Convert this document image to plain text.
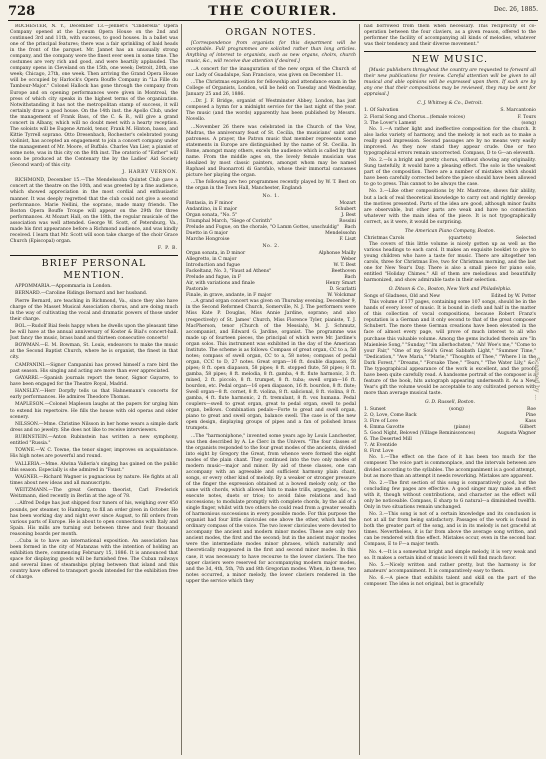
728	THE COURIER.	Dec. 26, 1885.

ROCHESTER, N. Y., December 13.—Jennet's "Cinderella" Opera Company opened at the Lyceum Opera House on the 2nd and continued 3rd and 11th, with success, to good houses. In a ballet was one of the principal features; there was a fair sprinkling of bald heads in the front of the parquet. Mr. Jannet has an unusually strong company, and the company were the finest ever seen in some time. The costumes are very rich and good, and were heartily applauded. The company opens in Cleveland on the 15th, one week; Detroit, 20th, one week; Chicago, 27th, one week. Then arriving the Grand Opera House will be occupied by Harlock's Opera Bouffe Company in "La Fille du Tambour-Major." Colonel Hallock has gone through the company from Europe and on opening performances were given in Montreal, the press of which city speaks in the highest terms of the organization. Notwithstanding it has not the metropolitan stamp of success, it will certainly draw a good house. On the 14th inst. the Apollo Club, under the management of Frank Bass, of the C. & B., will give a grand concert in Albany, which will no doubt meet with a hearty reception. The soloists will be Eugene Arnold, tenor, Frank M. Hinton, basso, and Kittie Tyrrell soprano. Otto Dresenbach, Rochester's celebrated young violinist, has accepted an engagement to join a concert company under the management of Mr. Moore, of Buffalo. Charles Van Lier, a pianist of some note, was in this city on the 8th inst. The oratorio of "Esther" will soon be produced at the Centenary the by the Ladies' Aid Society (Second ward) of this city.

J. HARRY VERNON.

RICHMOND, December 15.—The Mendelssohn Quintet Club gave a concert at the theatre on the 10th, and was greeted by a fine audience, which showed appreciation in the most cordial and enthusiastic manner. It was deeply regretted that the club could not give a second performance. Marie Nellini, the soprano, made many friends. The Boston Opera Bouffe Troupe will appear on the 29th for three performances. At Mozart Hall, on the 18th, the regular musicale of the association was well attended. George W. Scott, of Petersburg, Va., made his first appearance before a Richmond audience, and was kindly received. I learn that Mr. Scott will soon take charge of the choir Grace Church (Episcopal) organ.

F. P. B.

BRIEF PERSONAL MENTION.

APPOMMARIA.—Appommaria in London.

BERNARD.—Caroline Ridings Bernard and her husband.

Pierre Bernard, are teaching in Richmond, Va., since they also have charge of the Masset Musical Association chorus, and are doing much in the way of cultivating the vocal and dramatic powers of those under their charge.

BOL.—Rudolf Bial feels happy when he dwells upon the pleasant time he will have at the annual anniversary of Koster & Bial's concert-hall. Just fancy the music, brass band and thirteen consecutive concerts!

BOWMAN.—E. M. Bowman, St. Louis, endeavors to make the music at the Second Baptist Church, where he is organist, the finest in that city.

CAMPANINI.—Signor Campanini has proved himself a rare bird the past season. His singing and acting are more than ever appreciated.

GAYARRE.—Spanish journals report the tenor, Signor Gayarre, to have been engaged for the Theatre Royal, Madrid.

HANSLEY.—Herr Dorpfly tells us that Hahnemann's concerts for early performances. He admires Theodore Thomas.

MAPLESON.—Colonel Mapleson laughs at the papers for urging him to extend his repertoire. He fills the house with old operas and older scenery.

NILSSON.—Mme. Christine Nilsson in her home wears a simple dark dress and no jewelry. She does not like to receive interviewers.

RUBINSTEIN.—Anton Rubinstein has written a new symphony, entitled "Russia."

TOWNE.—W. C. Towne, the tenor singer, improves on acquaintance. His high notes are powerful and round.

VALLERIA.—Mme. Alwina Valleria's singing has gained on the public this season. Especially is she admired in "Faust."

WAGNER.—Richard Wagner is pugnacious by nature. He fights at all times about new ideas and all manuscripts.

WEITZMANN.—The great German theorist, Carl Frederick Weitzmann, died recently in Berlin at the age of 78.

...Alfred Dodge has just shipped four tuners of his, weighing over 450 pounds, per steamer, to Hamburg, to fill an order given in October. He has been working day and night ever since August, to fill orders from various parts of Europe. He is about to open connections with Italy and Spain. His mills are turning out between three and four thousand reasoning boards per month.

...Cuba is to have an international exposition. An association has been formed in the city of Matanzas with the intention of holding an exhibition there, commencing February 15, 1886. It is announced that space for displaying goods will be furnished free. The Cuban railways and several lines of steamships plying between that island and this country have offered to transport goods intended for the exhibition free of charge.

ORGAN NOTES.

[Correspondence from organists for this department will be acceptable. Full programmes are solicited rather than long articles. Anything of interest to organists, such as new organs, choirs, church music, &c., will receive due attention if desired.]

...A concert for the inauguration of the new organ of the Church of our Lady of Guadalupe, San Francisco, was given on December 11.

...The Christmas exposition for fellowship and attendance exam in the College of Organists, London, will be held on Tuesday and Wednesday, January 25 and 26, 1886.

...Dr. J. F. Bridge, organist of Westminster Abbey, London, has just composed a hymn for a midnight service for the last night of the year. The music (and the words) apparently has been published by Messrs. Novello.

...November 26 there was celebrated in the Church of the Vow, Madras, the anniversary feast of St. Cecilia, the musicians' saint and patroness. A prayer, the Patron music that member represents some statements in Europe are distinguished by the name of St. Cecilia. In Rome, amongst many others, excels the audience which is called by that name. From the middle ages on, the lovely female musician was idealized by most classic painters, amongst whom may be named Raphael and Buonarroti di Garofalo, whose their immortal canvasses picture her playing the organ.

...The following are two programmes recently played by W. T. Best on the organ in the Town Hall, Manchester, England:

No. 1.
Fantasia, in F minor	Mozart
Andantino, in E major	Schubert
Organ sonata, "No. 5"	J. Best
Triumphal March, "Siege of Corinth"	Rossini
Prelude and Fugue, on the chorale, "O Lamm Gottes, unschuldig" Bach
Duetto in G major	Mendelssohn
Marche Hongroise	F. Liszt
No. 2.
Organ sonata, in D minor	Alphonse Mailly
Allegretto, in C major	Weber
Introduction and fugue	W. T. Best
Fackeltanz, No. 3, "Faust ad Athens"	Beethoven
Prelude and fugue, in F	Bach
Air, with variations and finale	Henry Smart
Pastorale	D. Scarlatti
Finale, in grave, andante, in F major	W. Volckmar

...A grand organ concert was given on Thursday evening, December 9, in the Second Reformed Church, Somerville, N. J. The performers were Miss Kate P. Douglas, Miss Annie Jardine, soprano; and also (respectively) of St. James' Church, Miss Florence Tyler, pianiste, T. J. MacPherson, tenor (Church of the Messiah), M. J. Schmutz, accompanist, and Edward G. Jardine, organist. The programme was made up of fourteen pieces, the principal of which were Mr. Jardine's organ solos. This instrument was exhibited in the day of the American Institute. The scheme is as follows: Compass of great organ, CC to a, 58 notes; compass of swell organ, CC to a, 58 notes; compass of pedal organ, CCC to D, 27 notes. Great organ—16 ft. double diapason, 58 pipes; 8 ft. open diapason, 58 pipes; 8 ft. stopped flute, 58 pipes; 8 ft. gamba, 58 pipes; 8 ft. melodia, 8 ft. gamba, 4 ft. flute harmonic, 3 ft. mixed, 2 ft. piccolo, 8 ft. trumpet, 8 ft. tuba; swell organ—16 ft. bourdon, etc. Pedal organ—16 open diapason, 16 ft. bourdon, 8 ft. flute; Swell organ—8 ft. cornet, 8 ft. violina, 8 ft. salicional, 8 ft. violina, 8 ft. gamba, 4 ft. flute harmonic, 2 ft. tremulant, 8 ft. vox humana. Pedal couplers—swell to great organ, great to pedal organ, swell to pedal organ, bellows. Combination pedals—Forte to great and swell organ, piano to great and swell organ, balance swell. The case is of the new open design, displaying groups of pipes and a fan of polished brass trumpets.

...The "harmoniphone," invented some years ago by Louis Lanchester, was then described by A. Le Clerc in the Univers. "The four classes of the organists responded to the four great modes of the ancients, divided into eight by Gregory the Great, from whence were formed the eight modes of the plain chant. They continued into the two only modes of modern music—major and minor. By aid of these classes, one can accompany with an agreeable and sufficient harmony plain chant, songs, or every other kind of melody. By a weaker or stronger pressure of the finger the expression obtained at a bowed melody only, or the same with chords, which allowed him to make trills, arpeggios, &c., to execute notes, duets or trios; to avoid false relations and bad successions; to modulate promptly with complete chords, by the aid of a single finger, whilst with two others he could read from a greater wealth of harmonious successions in every possible mode. For this purpose the organist had four little clavicules one above the other, which had the ordinary compass of the voice. The two lower clavicules were devoted to accompany the ancient and modern minor modes. These are only two ancient modes, the first and the second; but in the ancient major modes were the intermediate modes minor phrases, which naturally and theoretically reappeared in the first and second minor modes. In this case, it was necessary to have recourse to the lower claviers. The two upper claviers were reserved for accompanying modern major modes, and the 3d, 4th, 5th, 7th and 8th Gregorian modes. When, in these, two notes occurred, a minor melody, the lower claviers rendered in the upper the service which they

had borrowed from them when necessary. This reciprocity of co-operation between the four claviers, as a given reason, offered to the performer the facility of accompanying all kinds of melodies, whatever was their tendency and their diverse movement."

NEW MUSIC.

[Music publishers throughout the country are requested to forward all their new publications for review. Careful attention will be given to all musical and able opinions will be expressed upon them. If such are by any one that their compositions may be reviewed, they may be sent for appraisal.]

C. J. Whitney & Co., Detroit.
1. Of Salvation	S. Marcantonio
2. Floral Song and Chorus...(female voices)	F. Tours
3. The Lover's Lament	(song)

No. 1.—A rather light and ineffective composition for the church. It also lacks variety of harmony, and the melody is not such as to make a really good impression. Second passages are by no means very easily improved. As they now stand they appear crude. One or two typographical errors remain uncorrected. Compass, D to G—an eleventh.

No. 2.—Is a bright and pretty chorus, without showing any originality. Sung tastefully, it would have a pleasing effect. The solo is the weakest part of the composition. There are a number of mistakes which should have been carefully corrected before the piece should have been allowed to go to press. This cannot to be always the case.

No. 3.—Like other compositions by Mr. Mastrone, shows fair ability, but a lack of real theoretical knowledge to carry out and rightly develop the motives presented. Parts of the idea are good, although minor faults are observable, but other parts are weak and have no connection whatever with the main idea of the piece. It is not typographically correct, as it were, it would be surprising.

The American Piano Company, Boston.
Christmas Carols	(quartets)	Selected

The covers of this little volume is nicely gotten up as well as the various headings to each carol. It makes an exquisite booklet to give to young children who have a taste for music. There are altogether ten carols, three for Christmas Eve, two for Christmas morning, and the last one for New Year's Day. There is also a small piece for piano solo, entitled "Holiday Chimes." All of them are melodious and beautifully harmonized, and show admirable taste in their selection.

O. Ditson & Co., Boston, New York and Philadelphia.
Songs of Gladness, Old and New	Edited by W. Potter

This volume of 177 pages, containing some 107 songs, should be in the hands of every lover of music. It is bound in cloth and half in the matter of this collection of vocal compositions, because Robert Franz's reputation is a German and it only second to that of the great composer Schubert. The more these German creations have been elevated in the face of almost every page, will prove of much interest to all who purchase this valuable volume. Among the gems included therein are "In Maienleie Song," "Sunday," "Im allerhochsten," "Ah! Woe's me," "Come to your Fair," "One of my Soul's Great Sabbath Light," "Summer Time," "Dedication," "Ave Maria," "Marie," "Thoughts of Thee," "Where I in the Dark Forest," "Dreams," "Forsake Thee," "Tears," "The Water Lily," &c. The typographical appearance of the work is excellent, and the proofs have been quite carefully read. A handsome portrait of the composer is a feature of the book, hits autograph appearing underneath it. As a New Year's gift the volume would be acceptable to any cultivated person with more than average musical taste.

G. D. Russell, Boston.
1. Sunset	(song)	Roe
2. O, Love, Come Back	Pine
3. Fire of Love	Kass
4. Emma Gavotte	(piano)	Gilbert
5. Good Night, Beloved (Village Reminiscences)	Augusta Wagner
6. The Deserted Mill
7. At Eventide
8. First Love

No. 1.—The effect on the face of it has been too much for the composer. The voice part is commonplace, and the intervals between are divided according to the syllables. The accompaniment is a good attempt, but as more than an attempt it needs reworking. Mistakes are apparent.

No. 2.—The first section of this song is comparatively good, but the concluding few pages are effective. A good singer may make an effect with it, though without contributions, and character as the effect will only be noticeable. Compass, E sharp to G natural—a diminished twelfth. Only in two situations remain unchanged.

No. 3.—This song is not of a certain knowledge and its conclusion is not at all far from being satisfactory. Passages of the work is found in both the greater part of the song, and is in its melody is not graceful at times. Nevertheless, it is far from above the average song written, and can be rendered with fine effect. Mistakes occur, even in the second bar. Compass, E to F—a major tenth.

No. 4.—It is a somewhat bright and simple melody, it is very weak and so. It makes a certain kind of music lovers it will find much favor.

No. 5.—Nicely written and rather pretty, but the harmony is for amateurs' accompaniment. It is comparatively easy to them.

No. 6.—A piece that exhibits talent and skill on the part of the composer. The idea is not original, but is gracefully

Scanned by ...
